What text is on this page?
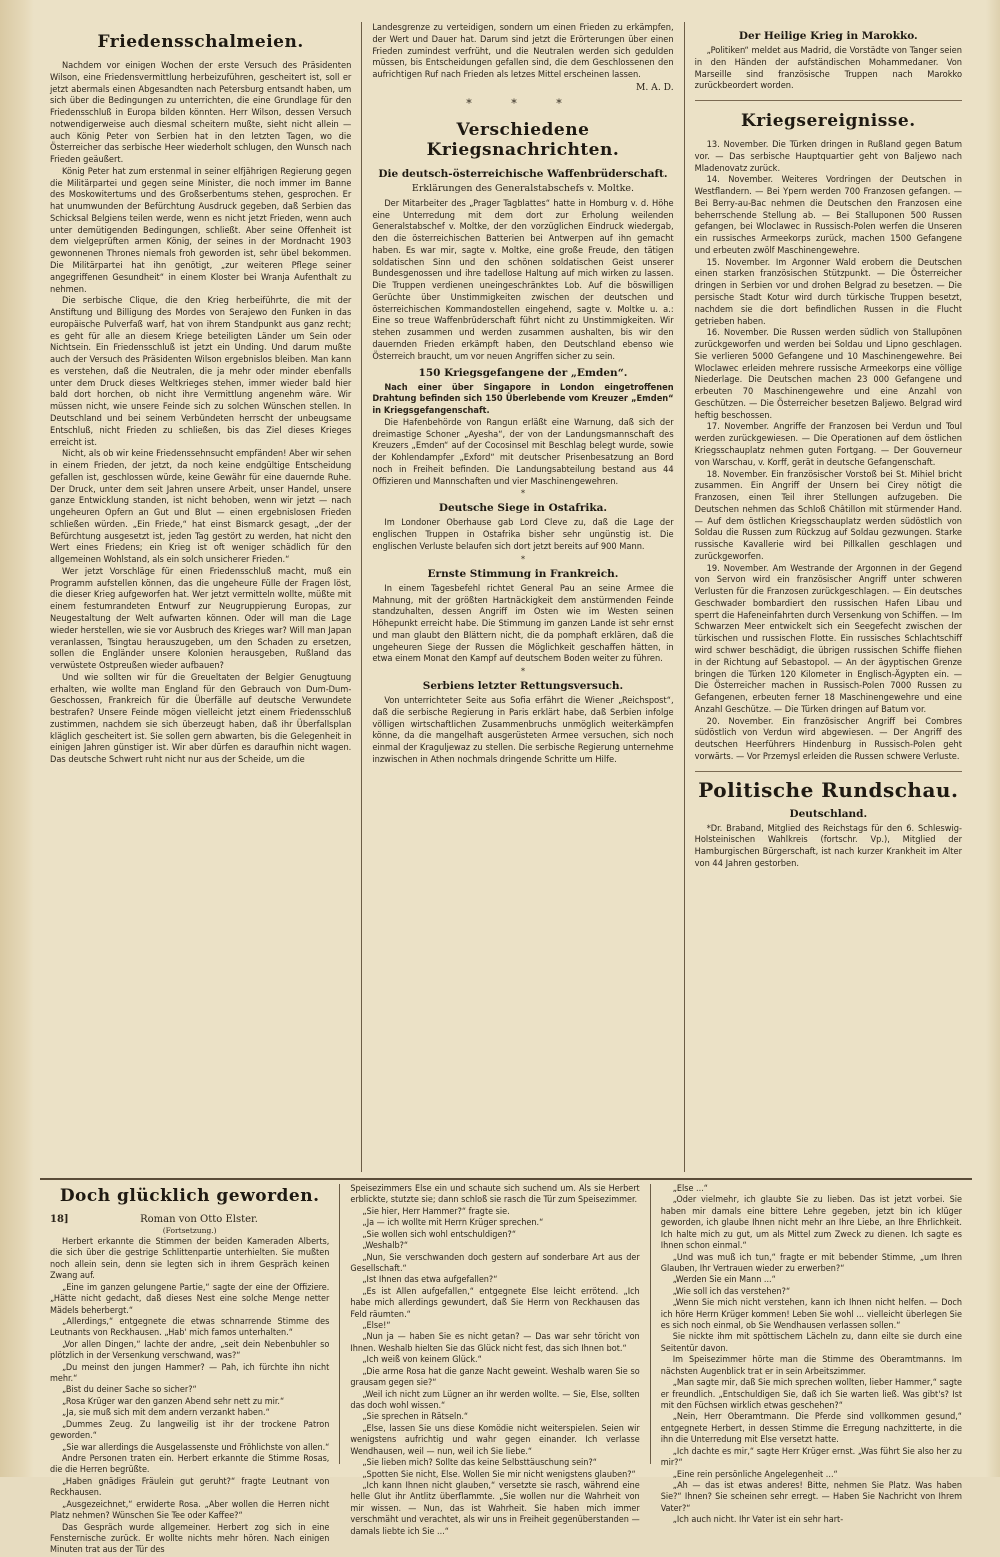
Friedensschalmeien.

Nachdem vor einigen Wochen der erste Versuch des Präsidenten Wilson, eine Friedensvermittlung herbeizuführen, gescheitert ist, soll er jetzt abermals einen Abgesandten nach Petersburg entsandt haben, um sich über die Bedingungen zu unterrichten, die eine Grundlage für den Friedensschluß in Europa bilden könnten. Herr Wilson, dessen Versuch notwendigerweise auch diesmal scheitern mußte, sieht nicht allein — auch König Peter von Serbien hat in den letzten Tagen, wo die Österreicher das serbische Heer wiederholt schlugen, den Wunsch nach Frieden geäußert.

König Peter hat zum erstenmal in seiner elfjährigen Regierung gegen die Militärpartei und gegen seine Minister, die noch immer im Banne des Moskowitertums und des Großserbentums stehen, gesprochen. Er hat unumwunden der Befürchtung Ausdruck gegeben, daß Serbien das Schicksal Belgiens teilen werde, wenn es nicht jetzt Frieden, wenn auch unter demütigenden Bedingungen, schließt. Aber seine Offenheit ist dem vielgeprüften armen König, der seines in der Mordnacht 1903 gewonnenen Thrones niemals froh geworden ist, sehr übel bekommen. Die Militärpartei hat ihn genötigt, „zur weiteren Pflege seiner angegriffenen Gesundheit“ in einem Kloster bei Wranja Aufenthalt zu nehmen.

Die serbische Clique, die den Krieg herbeiführte, die mit der Anstiftung und Billigung des Mordes von Serajewo den Funken in das europäische Pulverfaß warf, hat von ihrem Standpunkt aus ganz recht; es geht für alle an diesem Kriege beteiligten Länder um Sein oder Nichtsein. Ein Friedensschluß ist jetzt ein Unding. Und darum mußte auch der Versuch des Präsidenten Wilson ergebnislos bleiben. Man kann es verstehen, daß die Neutralen, die ja mehr oder minder ebenfalls unter dem Druck dieses Weltkrieges stehen, immer wieder bald hier bald dort horchen, ob nicht ihre Vermittlung angenehm wäre. Wir müssen nicht, wie unsere Feinde sich zu solchen Wünschen stellen. In Deutschland und bei seinem Verbündeten herrscht der unbeugsame Entschluß, nicht Frieden zu schließen, bis das Ziel dieses Krieges erreicht ist.

Nicht, als ob wir keine Friedenssehnsucht empfänden! Aber wir sehen in einem Frieden, der jetzt, da noch keine endgültige Entscheidung gefallen ist, geschlossen würde, keine Gewähr für eine dauernde Ruhe. Der Druck, unter dem seit Jahren unsere Arbeit, unser Handel, unsere ganze Entwicklung standen, ist nicht behoben, wenn wir jetzt — nach ungeheuren Opfern an Gut und Blut — einen ergebnislosen Frieden schließen würden. „Ein Friede,“ hat einst Bismarck gesagt, „der der Befürchtung ausgesetzt ist, jeden Tag gestört zu werden, hat nicht den Wert eines Friedens; ein Krieg ist oft weniger schädlich für den allgemeinen Wohlstand, als ein solch unsicherer Frieden.“

Wer jetzt Vorschläge für einen Friedensschluß macht, muß ein Programm aufstellen können, das die ungeheure Fülle der Fragen löst, die dieser Krieg aufgeworfen hat. Wer jetzt vermitteln wollte, müßte mit einem festumrandeten Entwurf zur Neugruppierung Europas, zur Neugestaltung der Welt aufwarten können. Oder will man die Lage wieder herstellen, wie sie vor Ausbruch des Krieges war? Will man Japan veranlassen, Tsingtau herauszugeben, um den Schaden zu ersetzen, sollen die Engländer unsere Kolonien herausgeben, Rußland das verwüstete Ostpreußen wieder aufbauen?

Und wie sollten wir für die Greueltaten der Belgier Genugtuung erhalten, wie wollte man England für den Gebrauch von Dum-Dum-Geschossen, Frankreich für die Überfälle auf deutsche Verwundete bestrafen? Unsere Feinde mögen vielleicht jetzt einem Friedensschluß zustimmen, nachdem sie sich überzeugt haben, daß ihr Überfallsplan kläglich gescheitert ist. Sie sollen gern abwarten, bis die Gelegenheit in einigen Jahren günstiger ist. Wir aber dürfen es daraufhin nicht wagen. Das deutsche Schwert ruht nicht nur aus der Scheide, um die

Landesgrenze zu verteidigen, sondern um einen Frieden zu erkämpfen, der Wert und Dauer hat. Darum sind jetzt die Erörterungen über einen Frieden zumindest verfrüht, und die Neutralen werden sich gedulden müssen, bis Entscheidungen gefallen sind, die dem Geschlossenen den aufrichtigen Ruf nach Frieden als letzes Mittel erscheinen lassen.

M. A. D.
* * *
Verschiedene Kriegsnachrichten.
Die deutsch-österreichische Waffenbrüderschaft.
Erklärungen des Generalstabschefs v. Moltke.

Der Mitarbeiter des „Prager Tagblattes“ hatte in Homburg v. d. Höhe eine Unterredung mit dem dort zur Erholung weilenden Generalstabschef v. Moltke, der den vorzüglichen Eindruck wiedergab, den die österreichischen Batterien bei Antwerpen auf ihn gemacht haben. Es war mir, sagte v. Moltke, eine große Freude, den tätigen soldatischen Sinn und den schönen soldatischen Geist unserer Bundesgenossen und ihre tadellose Haltung auf mich wirken zu lassen. Die Truppen verdienen uneingeschränktes Lob. Auf die böswilligen Gerüchte über Unstimmigkeiten zwischen der deutschen und österreichischen Kommandostellen eingehend, sagte v. Moltke u. a.: Eine so treue Waffenbrüderschaft führt nicht zu Unstimmigkeiten. Wir stehen zusammen und werden zusammen aushalten, bis wir den dauernden Frieden erkämpft haben, den Deutschland ebenso wie Österreich braucht, um vor neuen Angriffen sicher zu sein.

150 Kriegsgefangene der „Emden“.

Nach einer über Singapore in London eingetroffenen Drahtung befinden sich 150 Überlebende vom Kreuzer „Emden“ in Kriegsgefangenschaft.

Die Hafenbehörde von Rangun erläßt eine Warnung, daß sich der dreimastige Schoner „Ayesha“, der von der Landungsmannschaft des Kreuzers „Emden“ auf der Cocosinsel mit Beschlag belegt wurde, sowie der Kohlendampfer „Exford“ mit deutscher Prisenbesatzung an Bord noch in Freiheit befinden. Die Landungsabteilung bestand aus 44 Offizieren und Mannschaften und vier Maschinengewehren.

*
Deutsche Siege in Ostafrika.

Im Londoner Oberhause gab Lord Cleve zu, daß die Lage der englischen Truppen in Ostafrika bisher sehr ungünstig ist. Die englischen Verluste belaufen sich dort jetzt bereits auf 900 Mann.

*
Ernste Stimmung in Frankreich.

In einem Tagesbefehl richtet General Pau an seine Armee die Mahnung, mit der größten Hartnäckigkeit dem anstürmenden Feinde standzuhalten, dessen Angriff im Osten wie im Westen seinen Höhepunkt erreicht habe. Die Stimmung im ganzen Lande ist sehr ernst und man glaubt den Blättern nicht, die da pomphaft erklären, daß die ungeheuren Siege der Russen die Möglichkeit geschaffen hätten, in etwa einem Monat den Kampf auf deutschem Boden weiter zu führen.

*
Serbiens letzter Rettungsversuch.

Von unterrichteter Seite aus Sofia erfährt die Wiener „Reichspost“, daß die serbische Regierung in Paris erklärt habe, daß Serbien infolge völligen wirtschaftlichen Zusammenbruchs unmöglich weiterkämpfen könne, da die mangelhaft ausgerüsteten Armee versuchen, sich noch einmal der Kraguljewaz zu stellen. Die serbische Regierung unternehme inzwischen in Athen nochmals dringende Schritte um Hilfe.

Der Heilige Krieg in Marokko.

„Politiken“ meldet aus Madrid, die Vorstädte von Tanger seien in den Händen der aufständischen Mohammedaner. Von Marseille sind französische Truppen nach Marokko zurückbeordert worden.

Kriegsereignisse.

13. November. Die Türken dringen in Rußland gegen Batum vor. — Das serbische Hauptquartier geht von Baljewo nach Mladenovatz zurück.

14. November. Weiteres Vordringen der Deutschen in Westflandern. — Bei Ypern werden 700 Franzosen gefangen. — Bei Berry-au-Bac nehmen die Deutschen den Franzosen eine beherrschende Stellung ab. — Bei Stalluponen 500 Russen gefangen, bei Wloclawec in Russisch-Polen werfen die Unseren ein russisches Armeekorps zurück, machen 1500 Gefangene und erbeuten zwölf Maschinengewehre.

15. November. Im Argonner Wald erobern die Deutschen einen starken französischen Stützpunkt. — Die Österreicher dringen in Serbien vor und drohen Belgrad zu besetzen. — Die persische Stadt Kotur wird durch türkische Truppen besetzt, nachdem sie die dort befindlichen Russen in die Flucht getrieben haben.

16. November. Die Russen werden südlich von Stallupönen zurückgeworfen und werden bei Soldau und Lipno geschlagen. Sie verlieren 5000 Gefangene und 10 Maschinengewehre. Bei Wloclawec erleiden mehrere russische Armeekorps eine völlige Niederlage. Die Deutschen machen 23 000 Gefangene und erbeuten 70 Maschinengewehre und eine Anzahl von Geschützen. — Die Österreicher besetzen Baljewo. Belgrad wird heftig beschossen.

17. November. Angriffe der Franzosen bei Verdun und Toul werden zurückgewiesen. — Die Operationen auf dem östlichen Kriegsschauplatz nehmen guten Fortgang. — Der Gouverneur von Warschau, v. Korff, gerät in deutsche Gefangenschaft.

18. November. Ein französischer Vorstoß bei St. Mihiel bricht zusammen. Ein Angriff der Unsern bei Cirey nötigt die Franzosen, einen Teil ihrer Stellungen aufzugeben. Die Deutschen nehmen das Schloß Châtillon mit stürmender Hand. — Auf dem östlichen Kriegsschauplatz werden südöstlich von Soldau die Russen zum Rückzug auf Soldau gezwungen. Starke russische Kavallerie wird bei Pillkallen geschlagen und zurückgeworfen.

19. November. Am Westrande der Argonnen in der Gegend von Servon wird ein französischer Angriff unter schweren Verlusten für die Franzosen zurückgeschlagen. — Ein deutsches Geschwader bombardiert den russischen Hafen Libau und sperrt die Hafeneinfahrten durch Versenkung von Schiffen. — Im Schwarzen Meer entwickelt sich ein Seegefecht zwischen der türkischen und russischen Flotte. Ein russisches Schlachtschiff wird schwer beschädigt, die übrigen russischen Schiffe fliehen in der Richtung auf Sebastopol. — An der ägyptischen Grenze bringen die Türken 120 Kilometer in Englisch-Ägypten ein. — Die Österreicher machen in Russisch-Polen 7000 Russen zu Gefangenen, erbeuten ferner 18 Maschinengewehre und eine Anzahl Geschütze. — Die Türken dringen auf Batum vor.

20. November. Ein französischer Angriff bei Combres südöstlich von Verdun wird abgewiesen. — Der Angriff des deutschen Heerführers Hindenburg in Russisch-Polen geht vorwärts. — Vor Przemysl erleiden die Russen schwere Verluste.

Politische Rundschau.
Deutschland.

*Dr. Braband, Mitglied des Reichstags für den 6. Schleswig-Holsteinischen Wahlkreis (fortschr. Vp.), Mitglied der Hamburgischen Bürgerschaft, ist nach kurzer Krankheit im Alter von 44 Jahren gestorben.

Doch glücklich geworden.
18]	Roman von Otto Elster.
(Fortsetzung.)

Herbert erkannte die Stimmen der beiden Kameraden Alberts, die sich über die gestrige Schlittenpartie unterhielten. Sie mußten noch allein sein, denn sie legten sich in ihrem Gespräch keinen Zwang auf.

„Eine im ganzen gelungene Partie,“ sagte der eine der Offiziere. „Hätte nicht gedacht, daß dieses Nest eine solche Menge netter Mädels beherbergt.“

„Allerdings,“ entgegnete die etwas schnarrende Stimme des Leutnants von Reckhausen. „Hab' mich famos unterhalten.“

„Vor allen Dingen,“ lachte der andre, „seit dein Nebenbuhler so plötzlich in der Versenkung verschwand, was?“

„Du meinst den jungen Hammer? — Pah, ich fürchte ihn nicht mehr.“

„Bist du deiner Sache so sicher?“

„Rosa Krüger war den ganzen Abend sehr nett zu mir.“

„Ja, sie muß sich mit dem andern verzankt haben.“

„Dummes Zeug. Zu langweilig ist ihr der trockene Patron geworden.“

„Sie war allerdings die Ausgelassenste und Fröhlichste von allen.“

Andre Personen traten ein. Herbert erkannte die Stimme Rosas, die die Herren begrüßte.

„Haben gnädiges Fräulein gut geruht?“ fragte Leutnant von Reckhausen.

„Ausgezeichnet,“ erwiderte Rosa. „Aber wollen die Herren nicht Platz nehmen? Wünschen Sie Tee oder Kaffee?“

Das Gespräch wurde allgemeiner. Herbert zog sich in eine Fensternische zurück. Er wollte nichts mehr hören. Nach einigen Minuten trat aus der Tür des

Speisezimmers Else ein und schaute sich suchend um. Als sie Herbert erblickte, stutzte sie; dann schloß sie rasch die Tür zum Speisezimmer.

„Sie hier, Herr Hammer?“ fragte sie.

„Ja — ich wollte mit Herrn Krüger sprechen.“

„Sie wollen sich wohl entschuldigen?“

„Weshalb?“

„Nun, Sie verschwanden doch gestern auf sonderbare Art aus der Gesellschaft.“

„Ist Ihnen das etwa aufgefallen?“

„Es ist Allen aufgefallen,“ entgegnete Else leicht errötend. „Ich habe mich allerdings gewundert, daß Sie Herrn von Reckhausen das Feld räumten.“

„Else!“

„Nun ja — haben Sie es nicht getan? — Das war sehr töricht von Ihnen. Weshalb hielten Sie das Glück nicht fest, das sich Ihnen bot.“

„Ich weiß von keinem Glück.“

„Die arme Rosa hat die ganze Nacht geweint. Weshalb waren Sie so grausam gegen sie?“

„Weil ich nicht zum Lügner an ihr werden wollte. — Sie, Else, sollten das doch wohl wissen.“

„Sie sprechen in Rätseln.“

„Else, lassen Sie uns diese Komödie nicht weiterspielen. Seien wir wenigstens aufrichtig und wahr gegen einander. Ich verlasse Wendhausen, weil — nun, weil ich Sie liebe.“

„Sie lieben mich? Sollte das keine Selbsttäuschung sein?“

„Spotten Sie nicht, Else. Wollen Sie mir nicht wenigstens glauben?“

„Ich kann Ihnen nicht glauben,“ versetzte sie rasch, während eine helle Glut ihr Antlitz überflammte. „Sie wollen nur die Wahrheit von mir wissen. — Nun, das ist Wahrheit. Sie haben mich immer verschmäht und verachtet, als wir uns in Freiheit gegenüberstanden — damals liebte ich Sie ...“

„Else ...“

„Oder vielmehr, ich glaubte Sie zu lieben. Das ist jetzt vorbei. Sie haben mir damals eine bittere Lehre gegeben, jetzt bin ich klüger geworden, ich glaube Ihnen nicht mehr an Ihre Liebe, an Ihre Ehrlichkeit. Ich halte mich zu gut, um als Mittel zum Zweck zu dienen. Ich sagte es Ihnen schon einmal.“

„Und was muß ich tun,“ fragte er mit bebender Stimme, „um Ihren Glauben, Ihr Vertrauen wieder zu erwerben?“

„Werden Sie ein Mann ...“

„Wie soll ich das verstehen?“

„Wenn Sie mich nicht verstehen, kann ich Ihnen nicht helfen. — Doch ich höre Herrn Krüger kommen! Leben Sie wohl ... vielleicht überlegen Sie es sich noch einmal, ob Sie Wendhausen verlassen sollen.“

Sie nickte ihm mit spöttischem Lächeln zu, dann eilte sie durch eine Seitentür davon.

Im Speisezimmer hörte man die Stimme des Oberamtmanns. Im nächsten Augenblick trat er in sein Arbeitszimmer.

„Man sagte mir, daß Sie mich sprechen wollten, lieber Hammer,“ sagte er freundlich. „Entschuldigen Sie, daß ich Sie warten ließ. Was gibt's? Ist mit den Füchsen wirklich etwas geschehen?“

„Nein, Herr Oberamtmann. Die Pferde sind vollkommen gesund,“ entgegnete Herbert, in dessen Stimme die Erregung nachzitterte, in die ihn die Unterredung mit Else versetzt hatte.

„Ich dachte es mir,“ sagte Herr Krüger ernst. „Was führt Sie also her zu mir?“

„Eine rein persönliche Angelegenheit ...“

„Ah — das ist etwas anderes! Bitte, nehmen Sie Platz. Was haben Sie?“ Ihnen? Sie scheinen sehr erregt. — Haben Sie Nachricht von Ihrem Vater?“

„Ich auch nicht. Ihr Vater ist ein sehr hart-
